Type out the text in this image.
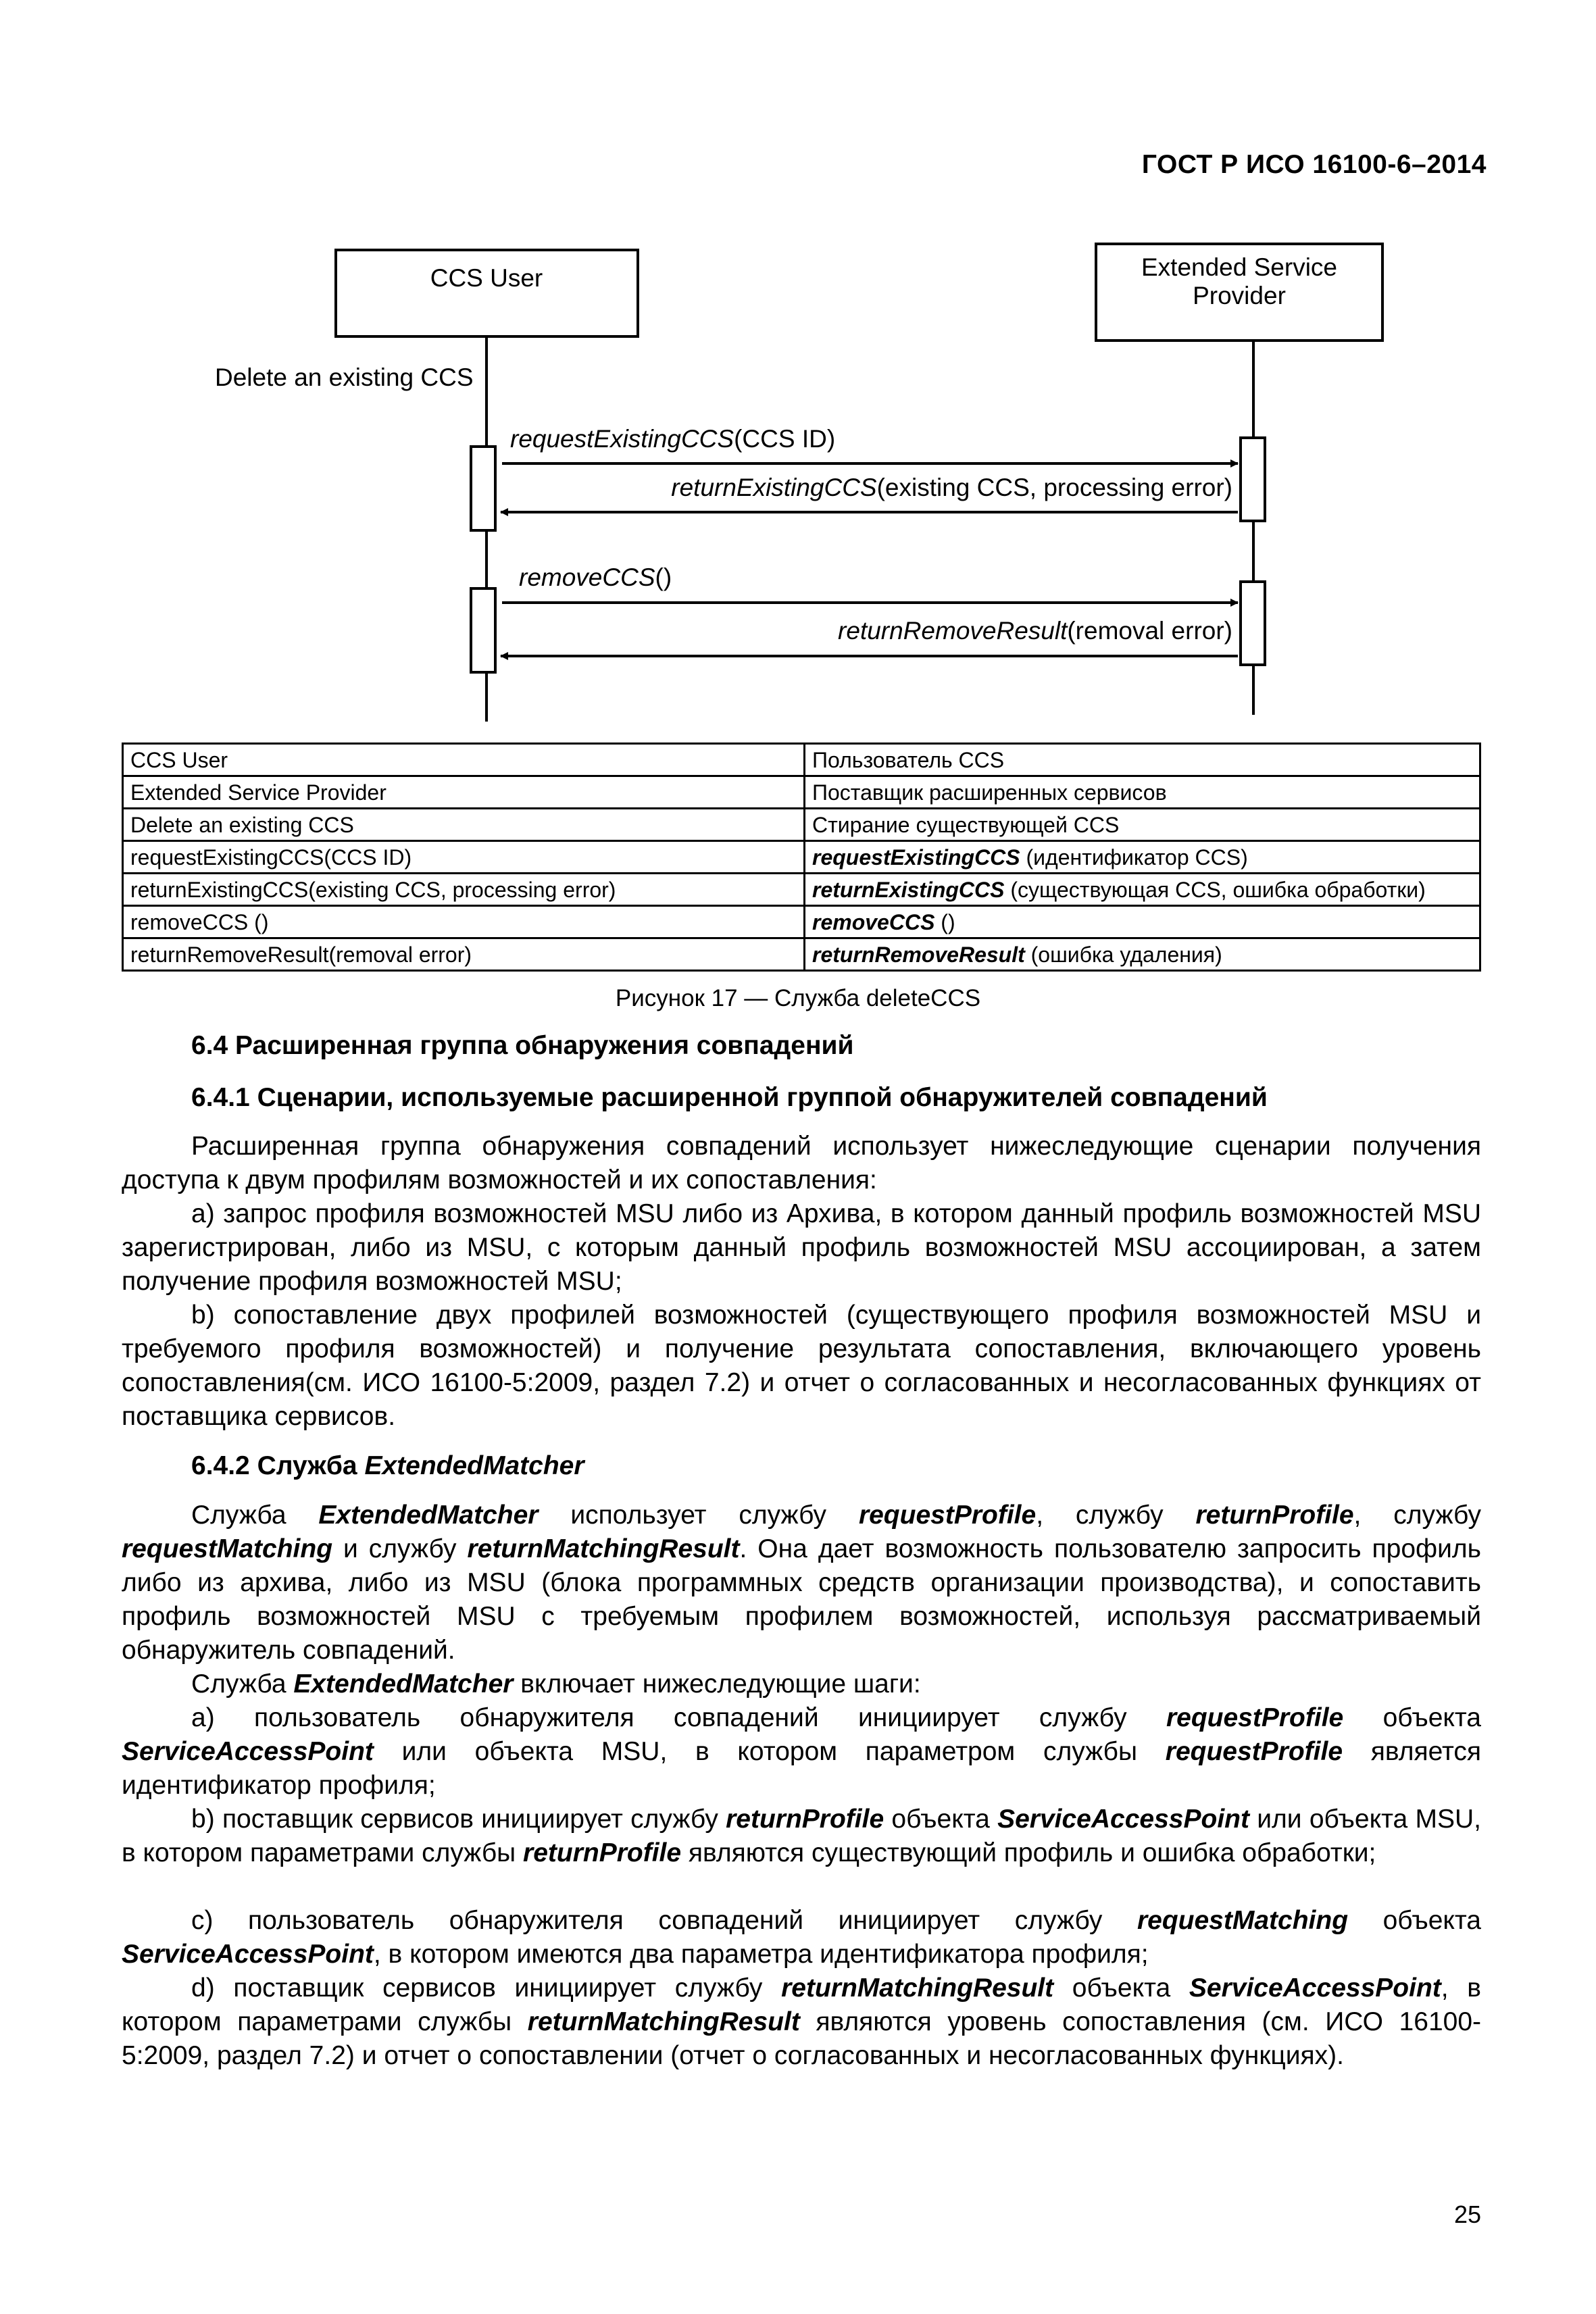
ГОСТ Р ИСО 16100-6–2014
CCS User	Extended Service
Provider
Delete an existing CCS
requestExistingCCS(CCS ID)
returnExistingCCS(existing CCS, processing error)
removeCCS()
returnRemoveResult(removal error)
CCS User	Пользователь CCS
Extended Service Provider	Поставщик расширенных сервисов
Delete an existing CCS	Стирание существующей CCS
requestExistingCCS(CCS ID)	requestExistingCCS (идентификатор CCS)
returnExistingCCS(existing CCS, processing error)	returnExistingCCS (существующая CCS, ошибка обработки)
removeCCS ()	removeCCS ()
returnRemoveResult(removal error)	returnRemoveResult (ошибка удаления)
Рисунок 17 — Служба deleteCCS
6.4 Расширенная группа обнаружения совпадений
6.4.1 Сценарии, используемые расширенной группой обнаружителей совпадений
Расширенная группа обнаружения совпадений использует нижеследующие сценарии получения доступа к двум профилям возможностей и их сопоставления:
a) запрос профиля возможностей MSU либо из Архива, в котором данный профиль возможностей MSU зарегистрирован, либо из MSU, с которым данный профиль возможностей MSU ассоциирован, а затем получение профиля возможностей MSU;
b) сопоставление двух профилей возможностей (существующего профиля возможностей MSU и требуемого профиля возможностей) и получение результата сопоставления, включающего уровень сопоставления(см. ИСО 16100-5:2009, раздел 7.2) и отчет о согласованных и несогласованных функциях от поставщика сервисов.
6.4.2 Служба ExtendedMatcher
Служба ExtendedMatcher использует службу requestProfile, службу returnProfile, службу requestMatching и службу returnMatchingResult. Она дает возможность пользователю запросить профиль либо из архива, либо из MSU (блока программных средств организации производства), и сопоставить профиль возможностей MSU с требуемым профилем возможностей, используя рассматриваемый обнаружитель совпадений.
Служба ExtendedMatcher включает нижеследующие шаги:
a) пользователь обнаружителя совпадений инициирует службу requestProfile объекта ServiceAccessPoint или объекта MSU, в котором параметром службы requestProfile является идентификатор профиля;
b) поставщик сервисов инициирует службу returnProfile объекта ServiceAccessPoint или объекта MSU, в котором параметрами службы returnProfile являются существующий профиль и ошибка обработки;
c) пользователь обнаружителя совпадений инициирует службу requestMatching объекта ServiceAccessPoint, в котором имеются два параметра идентификатора профиля;
d) поставщик сервисов инициирует службу returnMatchingResult объекта ServiceAccessPoint, в котором параметрами службы returnMatchingResult являются уровень сопоставления (см. ИСО 16100-5:2009, раздел 7.2) и отчет о сопоставлении (отчет о согласованных и несогласованных функциях).
25
